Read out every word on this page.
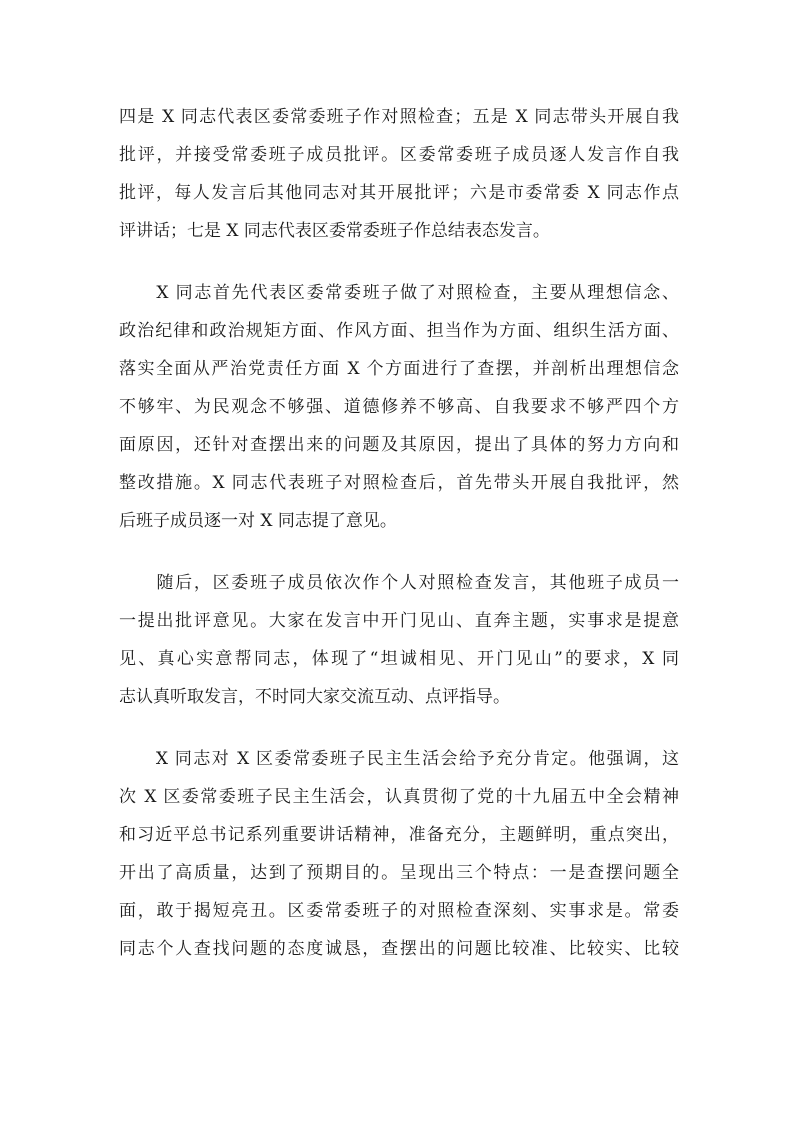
四是 X 同志代表区委常委班子作对照检查；五是 X 同志带头开展自我
批评，并接受常委班子成员批评。区委常委班子成员逐人发言作自我
批评，每人发言后其他同志对其开展批评；六是市委常委 X 同志作点
评讲话；七是 X 同志代表区委常委班子作总结表态发言。
　　X 同志首先代表区委常委班子做了对照检查，主要从理想信念、
政治纪律和政治规矩方面、作风方面、担当作为方面、组织生活方面、
落实全面从严治党责任方面 X 个方面进行了查摆，并剖析出理想信念
不够牢、为民观念不够强、道德修养不够高、自我要求不够严四个方
面原因，还针对查摆出来的问题及其原因，提出了具体的努力方向和
整改措施。X 同志代表班子对照检查后，首先带头开展自我批评，然
后班子成员逐一对 X 同志提了意见。
　　随后，区委班子成员依次作个人对照检查发言，其他班子成员一
一提出批评意见。大家在发言中开门见山、直奔主题，实事求是提意
见、真心实意帮同志，体现了“坦诚相见、开门见山”的要求，X 同
志认真听取发言，不时同大家交流互动、点评指导。
　　X 同志对 X 区委常委班子民主生活会给予充分肯定。他强调，这
次 X 区委常委班子民主生活会，认真贯彻了党的十九届五中全会精神
和习近平总书记系列重要讲话精神，准备充分，主题鲜明，重点突出，
开出了高质量，达到了预期目的。呈现出三个特点：一是查摆问题全
面，敢于揭短亮丑。区委常委班子的对照检查深刻、实事求是。常委
同志个人查找问题的态度诚恳，查摆出的问题比较准、比较实、比较
